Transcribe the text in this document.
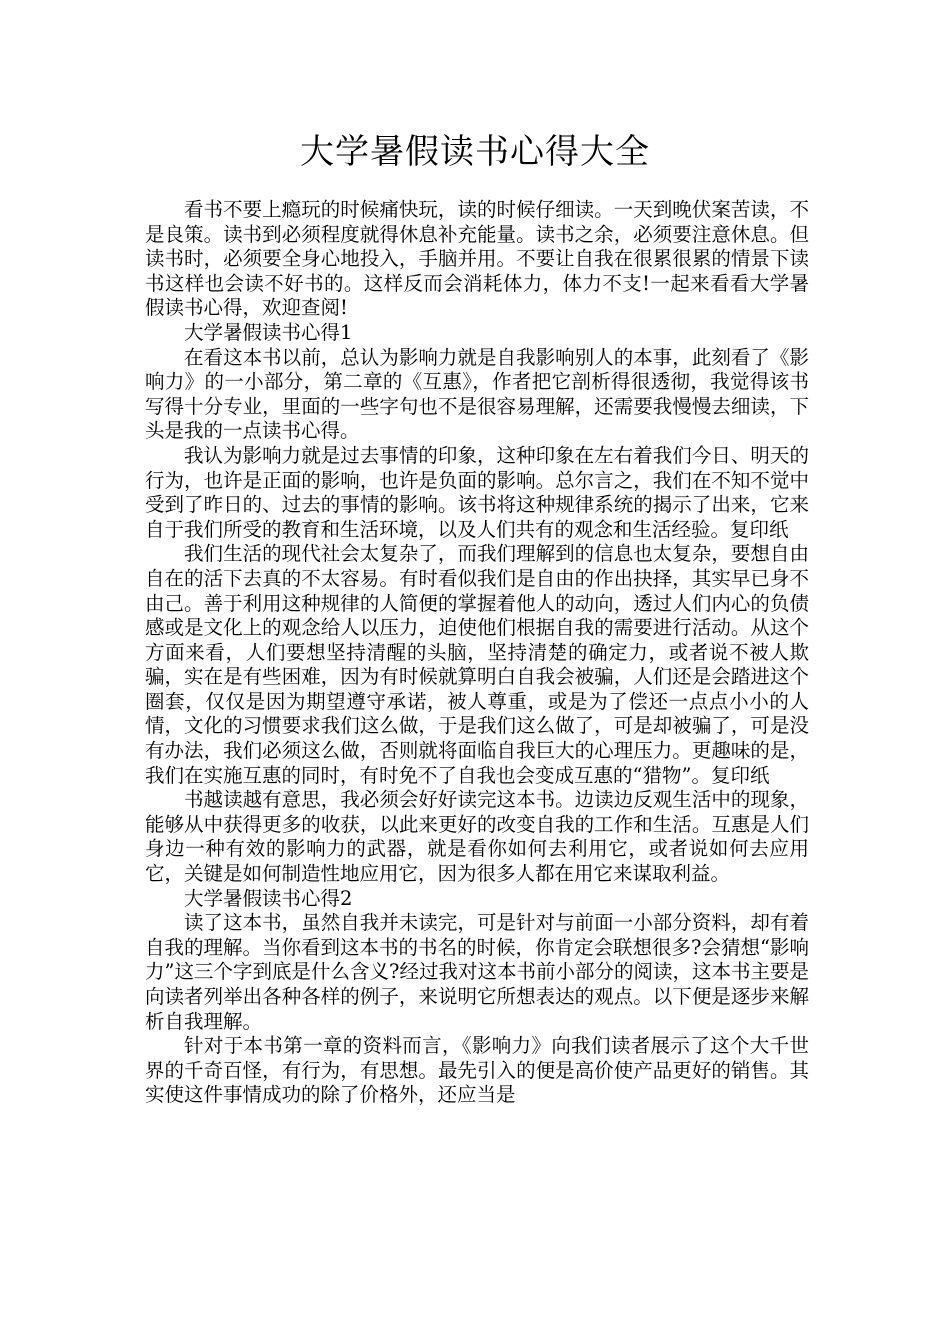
大学暑假读书心得大全

看书不要上瘾玩的时候痛快玩，读的时候仔细读。一天到晚伏案苦读，不是良策。读书到必须程度就得休息补充能量。读书之余，必须要注意休息。但读书时，必须要全身心地投入，手脑并用。不要让自我在很累很累的情景下读书这样也会读不好书的。这样反而会消耗体力，体力不支!一起来看看大学暑假读书心得，欢迎查阅!

大学暑假读书心得1

在看这本书以前，总认为影响力就是自我影响别人的本事，此刻看了《影响力》的一小部分，第二章的《互惠》，作者把它剖析得很透彻，我觉得该书写得十分专业，里面的一些字句也不是很容易理解，还需要我慢慢去细读，下头是我的一点读书心得。

我认为影响力就是过去事情的印象，这种印象在左右着我们今日、明天的行为，也许是正面的影响，也许是负面的影响。总尔言之，我们在不知不觉中受到了昨日的、过去的事情的影响。该书将这种规律系统的揭示了出来，它来自于我们所受的教育和生活环境，以及人们共有的观念和生活经验。复印纸

我们生活的现代社会太复杂了，而我们理解到的信息也太复杂，要想自由自在的活下去真的不太容易。有时看似我们是自由的作出抉择，其实早已身不由己。善于利用这种规律的人简便的掌握着他人的动向，透过人们内心的负债感或是文化上的观念给人以压力，迫使他们根据自我的需要进行活动。从这个方面来看，人们要想坚持清醒的头脑，坚持清楚的确定力，或者说不被人欺骗，实在是有些困难，因为有时候就算明白自我会被骗，人们还是会踏进这个圈套，仅仅是因为期望遵守承诺，被人尊重，或是为了偿还一点点小小的人情，文化的习惯要求我们这么做，于是我们这么做了，可是却被骗了，可是没有办法，我们必须这么做，否则就将面临自我巨大的心理压力。更趣味的是，我们在实施互惠的同时，有时免不了自我也会变成互惠的“猎物”。复印纸

书越读越有意思，我必须会好好读完这本书。边读边反观生活中的现象，能够从中获得更多的收获，以此来更好的改变自我的工作和生活。互惠是人们身边一种有效的影响力的武器，就是看你如何去利用它，或者说如何去应用它，关键是如何制造性地应用它，因为很多人都在用它来谋取利益。

大学暑假读书心得2

读了这本书，虽然自我并未读完，可是针对与前面一小部分资料，却有着自我的理解。当你看到这本书的书名的时候，你肯定会联想很多?会猜想“影响力”这三个字到底是什么含义?经过我对这本书前小部分的阅读，这本书主要是向读者列举出各种各样的例子，来说明它所想表达的观点。以下便是逐步来解析自我理解。

针对于本书第一章的资料而言，《影响力》向我们读者展示了这个大千世界的千奇百怪，有行为，有思想。最先引入的便是高价使产品更好的销售。其实使这件事情成功的除了价格外，还应当是
